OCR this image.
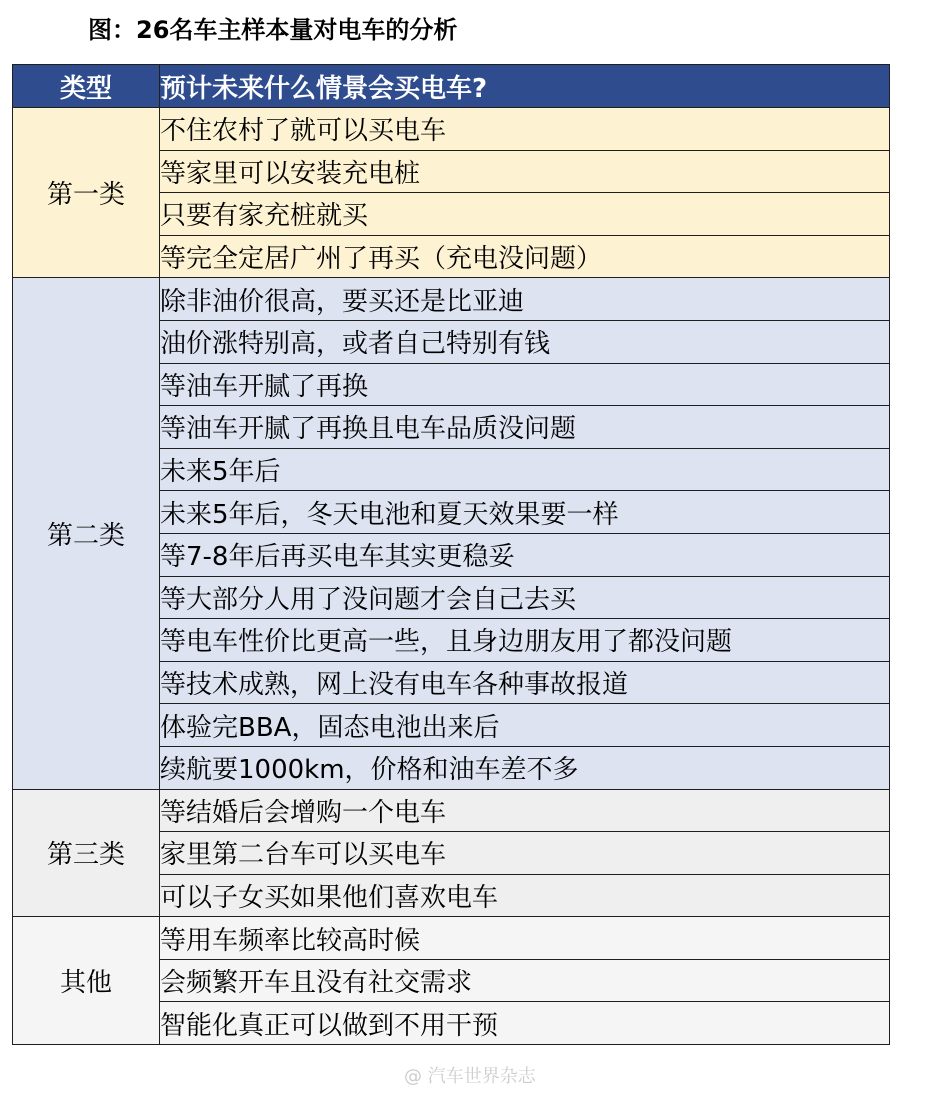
图：26名车主样本量对电车的分析
类型	预计未来什么情景会买电车?
第一类	不住农村了就可以买电车
	等家里可以安装充电桩
	只要有家充桩就买
	等完全定居广州了再买（充电没问题）
第二类	除非油价很高，要买还是比亚迪
	油价涨特别高，或者自己特别有钱
	等油车开腻了再换
	等油车开腻了再换且电车品质没问题
	未来5年后
	未来5年后，冬天电池和夏天效果要一样
	等7-8年后再买电车其实更稳妥
	等大部分人用了没问题才会自己去买
	等电车性价比更高一些，且身边朋友用了都没问题
	等技术成熟，网上没有电车各种事故报道
	体验完BBA，固态电池出来后
	续航要1000km，价格和油车差不多
第三类	等结婚后会增购一个电车
	家里第二台车可以买电车
	可以子女买如果他们喜欢电车
其他	等用车频率比较高时候
	会频繁开车且没有社交需求
	智能化真正可以做到不用干预
@ 汽车世界杂志
